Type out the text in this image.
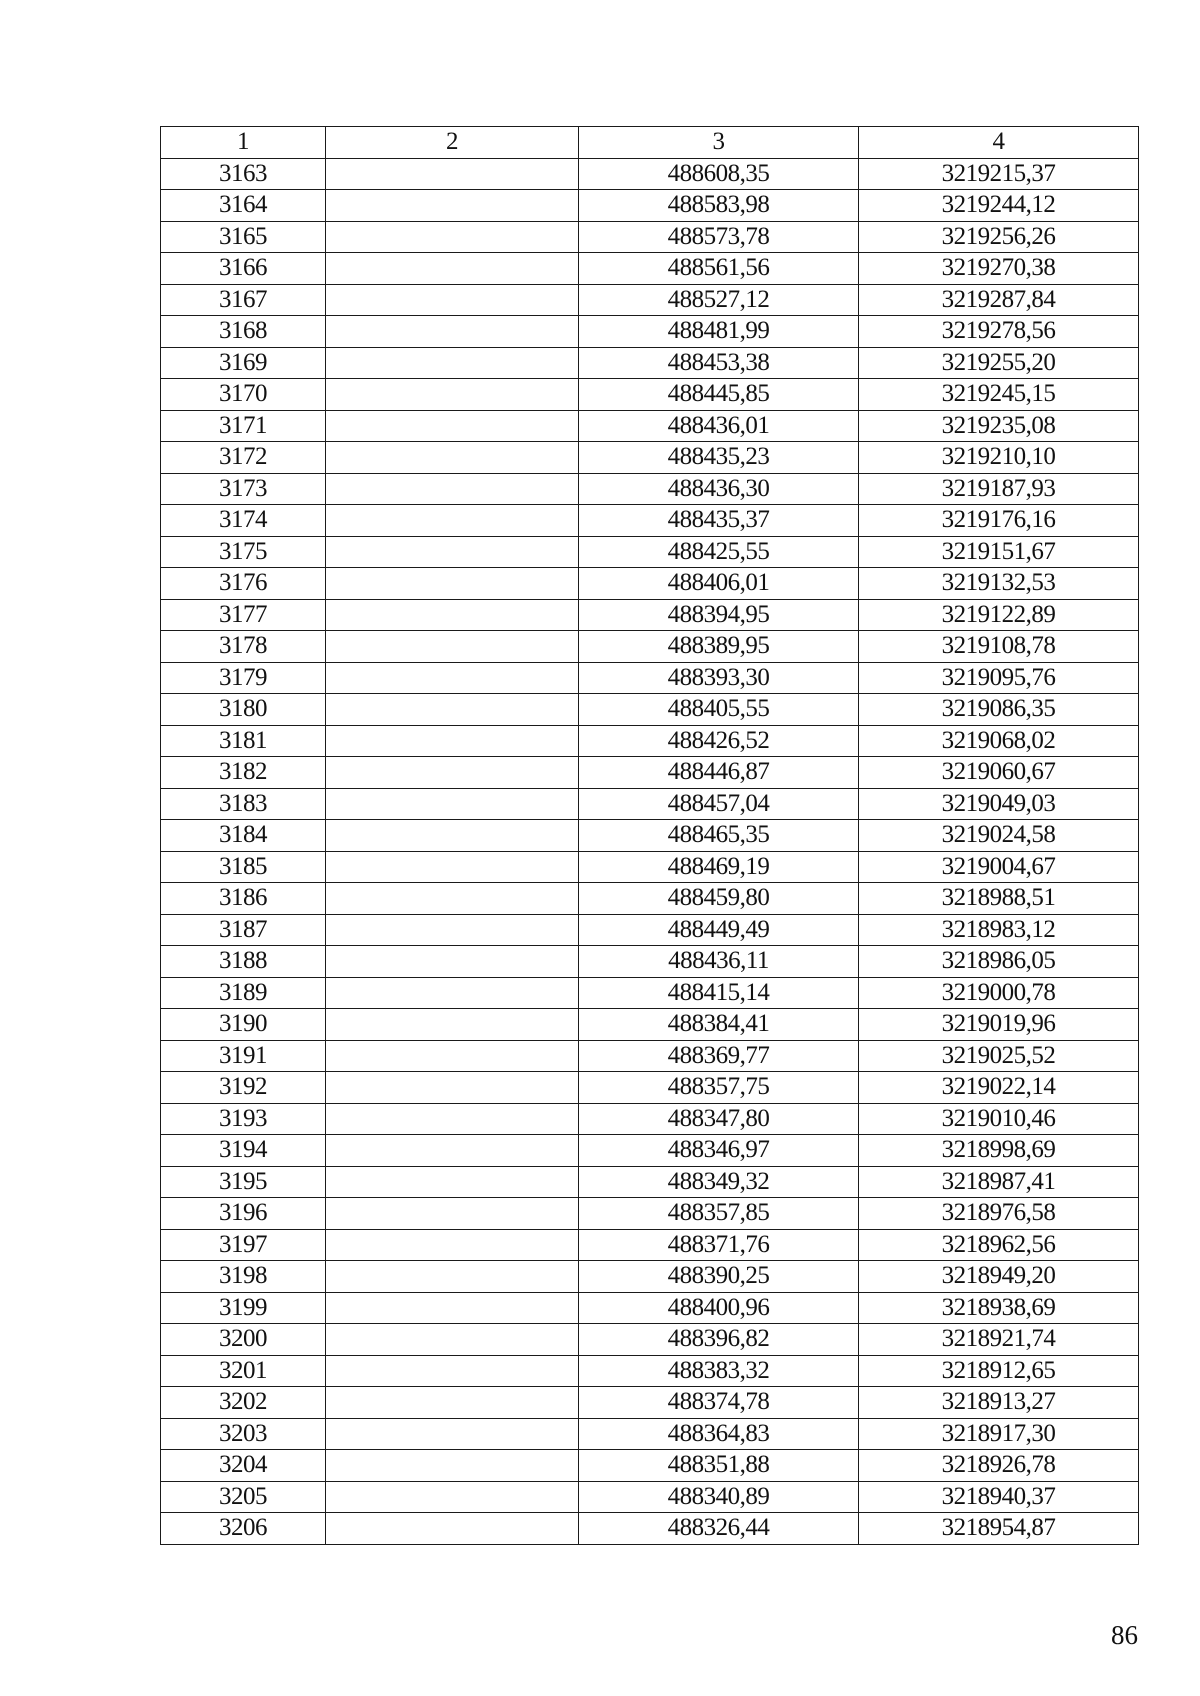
1	2	3	4
3163		488608,35	3219215,37
3164		488583,98	3219244,12
3165		488573,78	3219256,26
3166		488561,56	3219270,38
3167		488527,12	3219287,84
3168		488481,99	3219278,56
3169		488453,38	3219255,20
3170		488445,85	3219245,15
3171		488436,01	3219235,08
3172		488435,23	3219210,10
3173		488436,30	3219187,93
3174		488435,37	3219176,16
3175		488425,55	3219151,67
3176		488406,01	3219132,53
3177		488394,95	3219122,89
3178		488389,95	3219108,78
3179		488393,30	3219095,76
3180		488405,55	3219086,35
3181		488426,52	3219068,02
3182		488446,87	3219060,67
3183		488457,04	3219049,03
3184		488465,35	3219024,58
3185		488469,19	3219004,67
3186		488459,80	3218988,51
3187		488449,49	3218983,12
3188		488436,11	3218986,05
3189		488415,14	3219000,78
3190		488384,41	3219019,96
3191		488369,77	3219025,52
3192		488357,75	3219022,14
3193		488347,80	3219010,46
3194		488346,97	3218998,69
3195		488349,32	3218987,41
3196		488357,85	3218976,58
3197		488371,76	3218962,56
3198		488390,25	3218949,20
3199		488400,96	3218938,69
3200		488396,82	3218921,74
3201		488383,32	3218912,65
3202		488374,78	3218913,27
3203		488364,83	3218917,30
3204		488351,88	3218926,78
3205		488340,89	3218940,37
3206		488326,44	3218954,87
86
